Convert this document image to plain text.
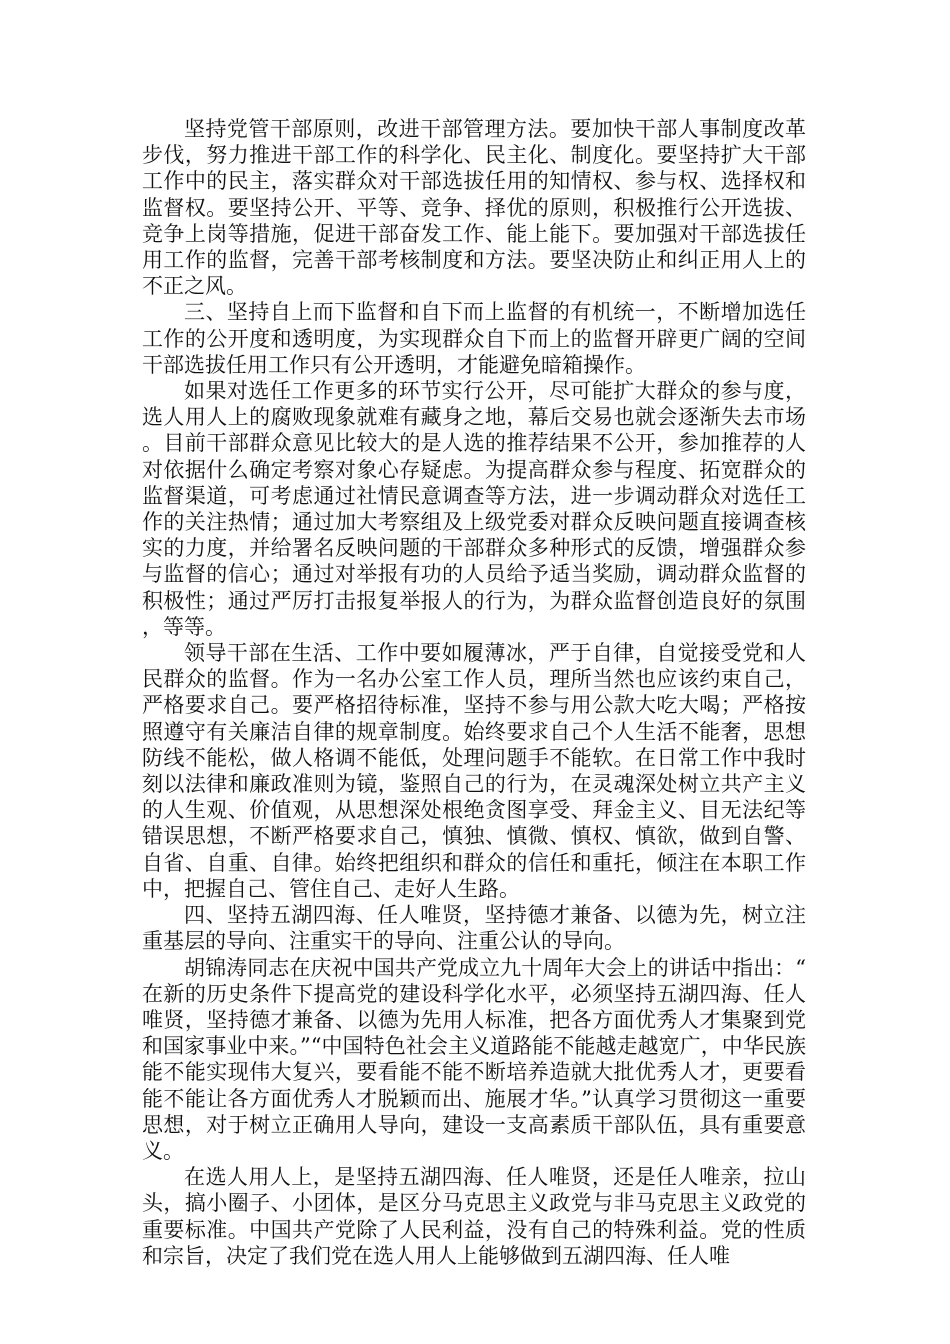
坚持党管干部原则，改进干部管理方法。要加快干部人事制度改革步伐，努力推进干部工作的科学化、民主化、制度化。要坚持扩大干部工作中的民主，落实群众对干部选拔任用的知情权、参与权、选择权和监督权。要坚持公开、平等、竞争、择优的原则，积极推行公开选拔、竞争上岗等措施，促进干部奋发工作、能上能下。要加强对干部选拔任用工作的监督，完善干部考核制度和方法。要坚决防止和纠正用人上的不正之风。

三、坚持自上而下监督和自下而上监督的有机统一，不断增加选任工作的公开度和透明度，为实现群众自下而上的监督开辟更广阔的空间干部选拔任用工作只有公开透明，才能避免暗箱操作。

如果对选任工作更多的环节实行公开，尽可能扩大群众的参与度，选人用人上的腐败现象就难有藏身之地，幕后交易也就会逐渐失去市场。目前干部群众意见比较大的是人选的推荐结果不公开，参加推荐的人对依据什么确定考察对象心存疑虑。为提高群众参与程度、拓宽群众的监督渠道，可考虑通过社情民意调查等方法，进一步调动群众对选任工作的关注热情；通过加大考察组及上级党委对群众反映问题直接调查核实的力度，并给署名反映问题的干部群众多种形式的反馈，增强群众参与监督的信心；通过对举报有功的人员给予适当奖励，调动群众监督的积极性；通过严厉打击报复举报人的行为，为群众监督创造良好的氛围，等等。

领导干部在生活、工作中要如履薄冰，严于自律，自觉接受党和人民群众的监督。作为一名办公室工作人员，理所当然也应该约束自己，严格要求自己。要严格招待标准，坚持不参与用公款大吃大喝；严格按照遵守有关廉洁自律的规章制度。始终要求自己个人生活不能奢，思想防线不能松，做人格调不能低，处理问题手不能软。在日常工作中我时刻以法律和廉政准则为镜，鉴照自己的行为，在灵魂深处树立共产主义的人生观、价值观，从思想深处根绝贪图享受、拜金主义、目无法纪等错误思想，不断严格要求自己，慎独、慎微、慎权、慎欲，做到自警、自省、自重、自律。始终把组织和群众的信任和重托，倾注在本职工作中，把握自己、管住自己、走好人生路。

四、坚持五湖四海、任人唯贤，坚持德才兼备、以德为先，树立注重基层的导向、注重实干的导向、注重公认的导向。

胡锦涛同志在庆祝中国共产党成立九十周年大会上的讲话中指出：“在新的历史条件下提高党的建设科学化水平，必须坚持五湖四海、任人唯贤，坚持德才兼备、以德为先用人标准，把各方面优秀人才集聚到党和国家事业中来。”“中国特色社会主义道路能不能越走越宽广，中华民族能不能实现伟大复兴，要看能不能不断培养造就大批优秀人才，更要看能不能让各方面优秀人才脱颖而出、施展才华。”认真学习贯彻这一重要思想，对于树立正确用人导向，建设一支高素质干部队伍，具有重要意义。

在选人用人上，是坚持五湖四海、任人唯贤，还是任人唯亲，拉山头，搞小圈子、小团体，是区分马克思主义政党与非马克思主义政党的重要标准。中国共产党除了人民利益，没有自己的特殊利益。党的性质和宗旨，决定了我们党在选人用人上能够做到五湖四海、任人唯
